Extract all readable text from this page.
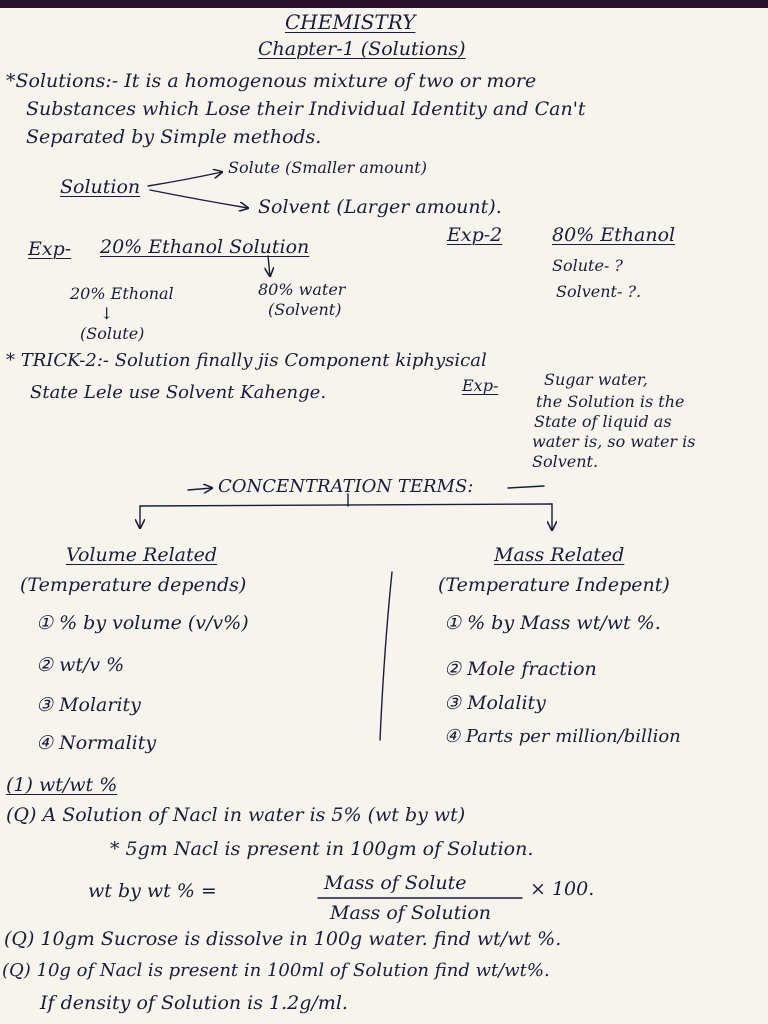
CHEMISTRY
Chapter-1 (Solutions)
*Solutions:- It is a homogenous mixture of two or more
Substances which Lose their Individual Identity and Can't
Separated by Simple methods.
Solution
Solute (Smaller amount)
Solvent (Larger amount).
Exp- 20% Ethanol Solution
20% Ethonal
↓
(Solute)
80% water
(Solvent)
Exp-2	80% Ethanol
Solute- ?
Solvent- ?.
* TRICK-2:- Solution finally jis Component kiphysical
State Lele use Solvent Kahenge.	Exp-	Sugar water,
the Solution is the
State of liquid as
water is, so water is
Solvent.
CONCENTRATION TERMS:
Volume Related
(Temperature depends)
① % by volume (v/v%)
② wt/v %
③ Molarity
④ Normality
Mass Related
(Temperature Indepent)
① % by Mass wt/wt %.
② Mole fraction
③ Molality
④ Parts per million/billion
(1) wt/wt %
(Q) A Solution of Nacl in water is 5% (wt by wt)
* 5gm Nacl is present in 100gm of Solution.
wt by wt % =	Mass of Solute
Mass of Solution
× 100.
(Q) 10gm Sucrose is dissolve in 100g water. find wt/wt %.
(Q) 10g of Nacl is present in 100ml of Solution find wt/wt%.
If density of Solution is 1.2g/ml.
